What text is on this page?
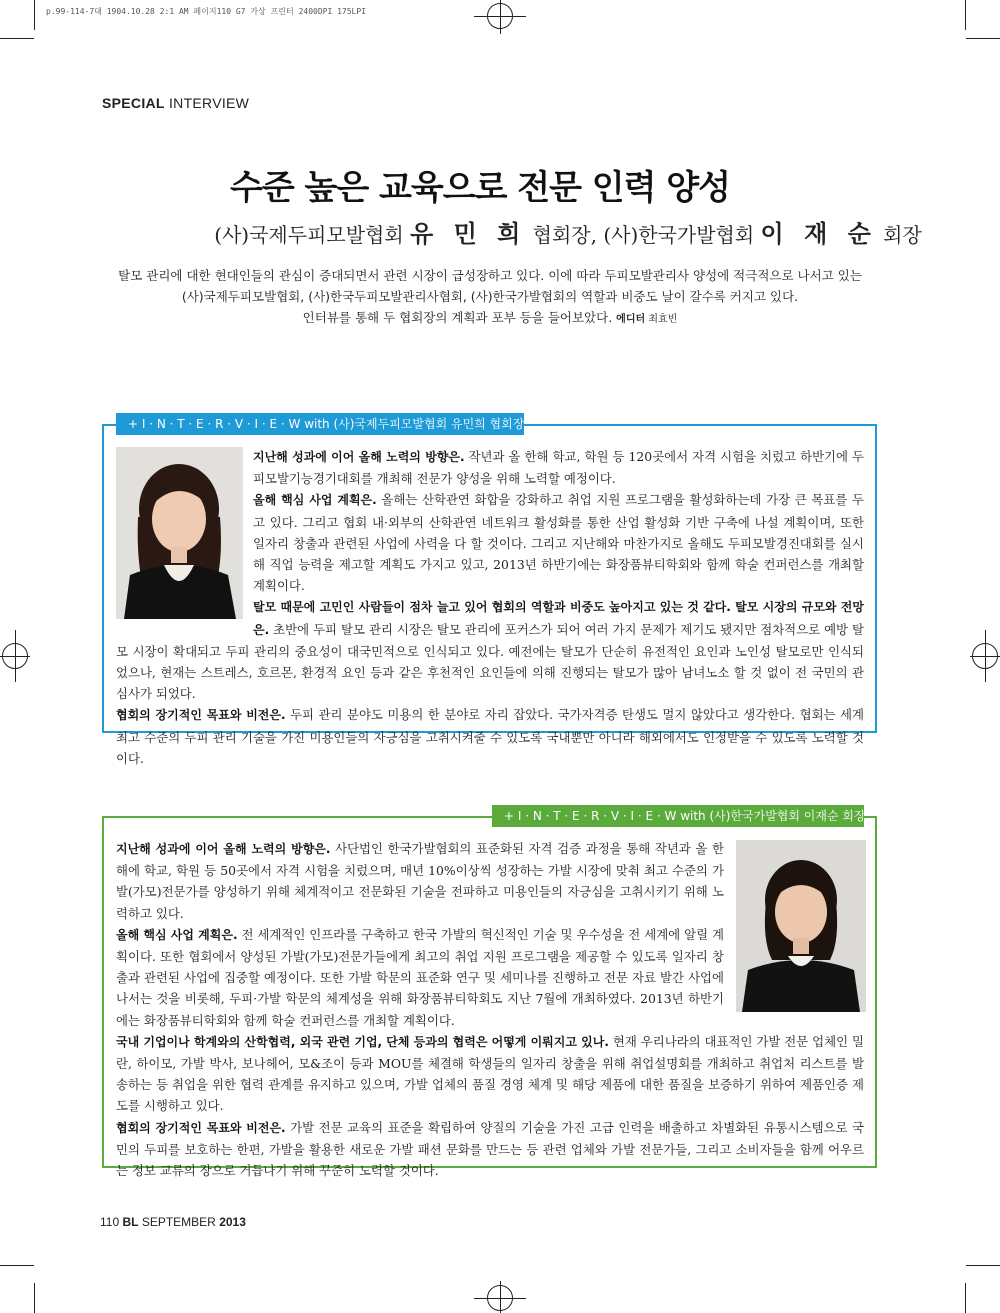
p.99-114-7대 1904.10.28 2:1 AM 페이지110 G7 가상 프린터 2400DPI 175LPI
SPECIAL INTERVIEW
수준 높은 교육으로 전문 인력 양성
(사)국제두피모발협회 유 민 희 협회장, (사)한국가발협회 이 재 순 회장
탈모 관리에 대한 현대인들의 관심이 증대되면서 관련 시장이 급성장하고 있다. 이에 따라 두피모발관리사 양성에 적극적으로 나서고 있는
(사)국제두피모발협회, (사)한국두피모발관리사협회, (사)한국가발협회의 역할과 비중도 날이 갈수록 커지고 있다.
인터뷰를 통해 두 협회장의 계획과 포부 등을 들어보았다. 에디터 최효빈
+ I · N · T · E · R · V · I · E · W with (사)국제두피모발협회 유민희 협회장

지난해 성과에 이어 올해 노력의 방향은. 작년과 올 한해 학교, 학원 등 120곳에서 자격 시험을 치렀고 하반기에 두피모발기능경기대회를 개최해 전문가 양성을 위해 노력할 예정이다.

올해 핵심 사업 계획은. 올해는 산학관연 화합을 강화하고 취업 지원 프로그램을 활성화하는데 가장 큰 목표를 두고 있다. 그리고 협회 내·외부의 산학관연 네트워크 활성화를 통한 산업 활성화 기반 구축에 나설 계획이며, 또한 일자리 창출과 관련된 사업에 사력을 다 할 것이다. 그리고 지난해와 마찬가지로 올해도 두피모발경진대회를 실시해 직업 능력을 제고할 계획도 가지고 있고, 2013년 하반기에는 화장품뷰티학회와 함께 학술 컨퍼런스를 개최할 계획이다.

탈모 때문에 고민인 사람들이 점차 늘고 있어 협회의 역할과 비중도 높아지고 있는 것 같다. 탈모 시장의 규모와 전망은. 초반에 두피 탈모 관리 시장은 탈모 관리에 포커스가 되어 여러 가지 문제가 제기도 됐지만 점차적으로 예방 탈모 시장이 확대되고 두피 관리의 중요성이 대국민적으로 인식되고 있다. 예전에는 탈모가 단순히 유전적인 요인과 노인성 탈모로만 인식되었으나, 현재는 스트레스, 호르몬, 환경적 요인 등과 같은 후천적인 요인들에 의해 진행되는 탈모가 많아 남녀노소 할 것 없이 전 국민의 관심사가 되었다.

협회의 장기적인 목표와 비전은. 두피 관리 분야도 미용의 한 분야로 자리 잡았다. 국가자격증 탄생도 멀지 않았다고 생각한다. 협회는 세계 최고 수준의 두피 관리 기술을 가진 미용인들의 자긍심을 고취시켜줄 수 있도록 국내뿐만 아니라 해외에서도 인정받을 수 있도록 노력할 것이다.

+ I · N · T · E · R · V · I · E · W with (사)한국가발협회 이재순 회장

지난해 성과에 이어 올해 노력의 방향은. 사단법인 한국가발협회의 표준화된 자격 검증 과정을 통해 작년과 올 한해에 학교, 학원 등 50곳에서 자격 시험을 치렀으며, 매년 10%이상씩 성장하는 가발 시장에 맞춰 최고 수준의 가발(가모)전문가를 양성하기 위해 체계적이고 전문화된 기술을 전파하고 미용인들의 자긍심을 고취시키기 위해 노력하고 있다.

올해 핵심 사업 계획은. 전 세계적인 인프라를 구축하고 한국 가발의 혁신적인 기술 및 우수성을 전 세계에 알릴 계획이다. 또한 협회에서 양성된 가발(가모)전문가들에게 최고의 취업 지원 프로그램을 제공할 수 있도록 일자리 창출과 관련된 사업에 집중할 예정이다. 또한 가발 학문의 표준화 연구 및 세미나를 진행하고 전문 자료 발간 사업에 나서는 것을 비롯해, 두피·가발 학문의 체계성을 위해 화장품뷰티학회도 지난 7월에 개최하였다. 2013년 하반기에는 화장품뷰티학회와 함께 학술 컨퍼런스를 개최할 계획이다.

국내 기업이나 학계와의 산학협력, 외국 관련 기업, 단체 등과의 협력은 어떻게 이뤄지고 있나. 현재 우리나라의 대표적인 가발 전문 업체인 밀란, 하이모, 가발 박사, 보나헤어, 모&조이 등과 MOU를 체결해 학생들의 일자리 창출을 위해 취업설명회를 개최하고 취업처 리스트를 발송하는 등 취업을 위한 협력 관계를 유지하고 있으며, 가발 업체의 품질 경영 체계 및 해당 제품에 대한 품질을 보증하기 위하여 제품인증 제도를 시행하고 있다.

협회의 장기적인 목표와 비전은. 가발 전문 교육의 표준을 확립하여 양질의 기술을 가진 고급 인력을 배출하고 차별화된 유통시스템으로 국민의 두피를 보호하는 한편, 가발을 활용한 새로운 가발 패션 문화를 만드는 등 관련 업체와 가발 전문가들, 그리고 소비자들을 함께 어우르는 정보 교류의 장으로 거듭나기 위해 꾸준히 노력할 것이다.

110 BL SEPTEMBER 2013
